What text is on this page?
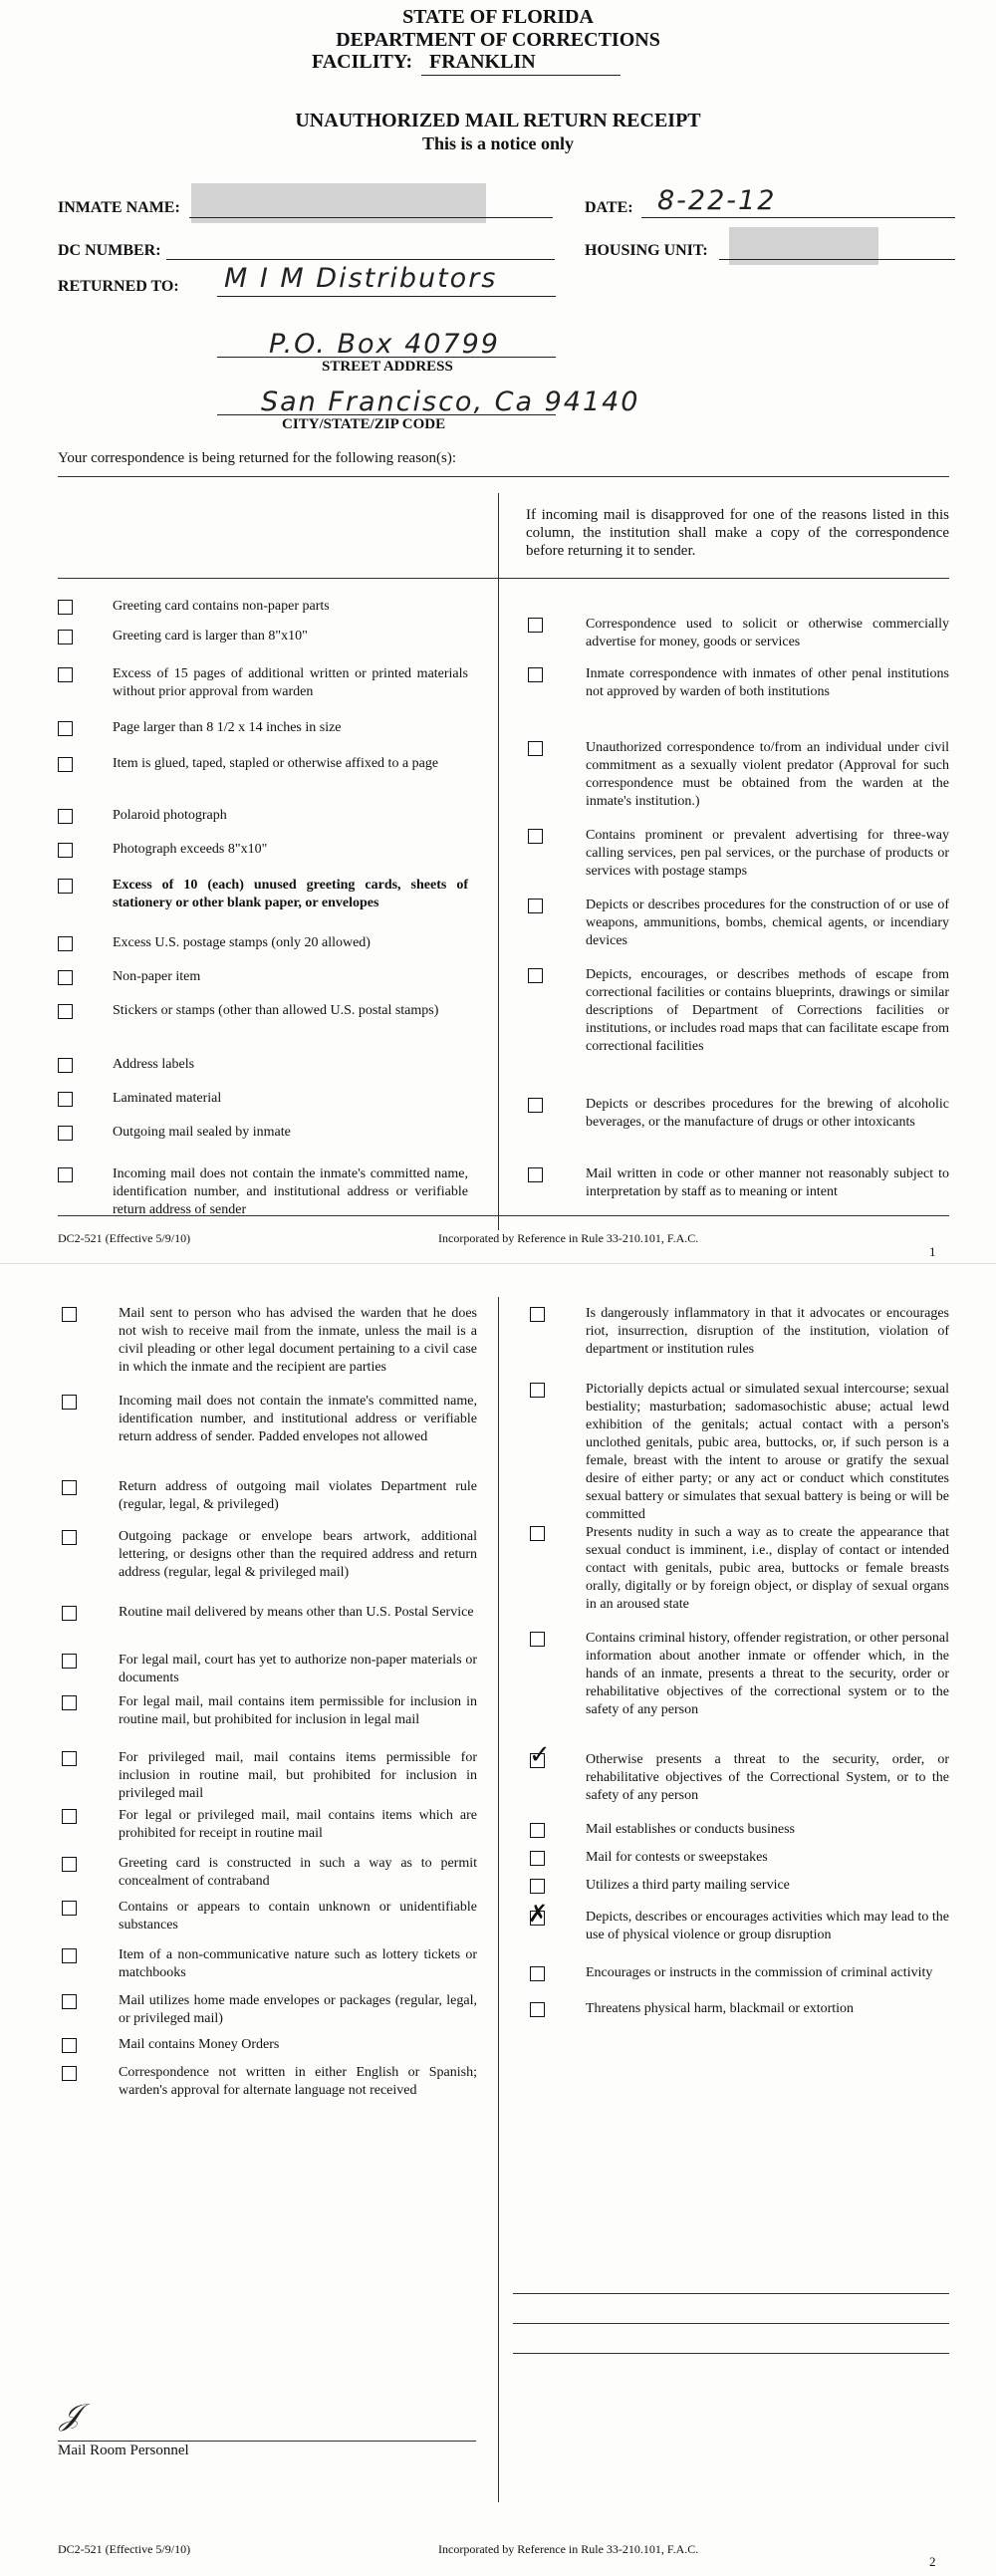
STATE OF FLORIDA
DEPARTMENT OF CORRECTIONS
FACILITY: FRANKLIN
UNAUTHORIZED MAIL RETURN RECEIPT
This is a notice only
INMATE NAME:	DATE: 8-22-12
DC NUMBER:	HOUSING UNIT:
RETURNED TO: M I M Distributors
P.O. Box 40799
STREET ADDRESS
San Francisco, Ca 94140
CITY/STATE/ZIP CODE
Your correspondence is being returned for the following reason(s):
If incoming mail is disapproved for one of the reasons listed in this column, the institution shall make a copy of the correspondence before returning it to sender.
Greeting card contains non-paper parts
Greeting card is larger than 8"x10"
Excess of 15 pages of additional written or printed materials without prior approval from warden
Page larger than 8 1/2 x 14 inches in size
Item is glued, taped, stapled or otherwise affixed to a page
Polaroid photograph
Photograph exceeds 8"x10"
Excess of 10 (each) unused greeting cards, sheets of stationery or other blank paper, or envelopes
Excess U.S. postage stamps (only 20 allowed)
Non-paper item
Stickers or stamps (other than allowed U.S. postal stamps)
Address labels
Laminated material
Outgoing mail sealed by inmate
Incoming mail does not contain the inmate's committed name, identification number, and institutional address or verifiable return address of sender
Correspondence used to solicit or otherwise commercially advertise for money, goods or services
Inmate correspondence with inmates of other penal institutions not approved by warden of both institutions
Unauthorized correspondence to/from an individual under civil commitment as a sexually violent predator (Approval for such correspondence must be obtained from the warden at the inmate's institution.)
Contains prominent or prevalent advertising for three-way calling services, pen pal services, or the purchase of products or services with postage stamps
Depicts or describes procedures for the construction of or use of weapons, ammunitions, bombs, chemical agents, or incendiary devices
Depicts, encourages, or describes methods of escape from correctional facilities or contains blueprints, drawings or similar descriptions of Department of Corrections facilities or institutions, or includes road maps that can facilitate escape from correctional facilities
Depicts or describes procedures for the brewing of alcoholic beverages, or the manufacture of drugs or other intoxicants
Mail written in code or other manner not reasonably subject to interpretation by staff as to meaning or intent
DC2-521 (Effective 5/9/10)	Incorporated by Reference in Rule 33-210.101, F.A.C.
1
Mail sent to person who has advised the warden that he does not wish to receive mail from the inmate, unless the mail is a civil pleading or other legal document pertaining to a civil case in which the inmate and the recipient are parties
Incoming mail does not contain the inmate's committed name, identification number, and institutional address or verifiable return address of sender. Padded envelopes not allowed
Return address of outgoing mail violates Department rule (regular, legal, & privileged)
Outgoing package or envelope bears artwork, additional lettering, or designs other than the required address and return address (regular, legal & privileged mail)
Routine mail delivered by means other than U.S. Postal Service
For legal mail, court has yet to authorize non-paper materials or documents
For legal mail, mail contains item permissible for inclusion in routine mail, but prohibited for inclusion in legal mail
For privileged mail, mail contains items permissible for inclusion in routine mail, but prohibited for inclusion in privileged mail
For legal or privileged mail, mail contains items which are prohibited for receipt in routine mail
Greeting card is constructed in such a way as to permit concealment of contraband
Contains or appears to contain unknown or unidentifiable substances
Item of a non-communicative nature such as lottery tickets or matchbooks
Mail utilizes home made envelopes or packages (regular, legal, or privileged mail)
Mail contains Money Orders
Correspondence not written in either English or Spanish; warden's approval for alternate language not received
Is dangerously inflammatory in that it advocates or encourages riot, insurrection, disruption of the institution, violation of department or institution rules
Pictorially depicts actual or simulated sexual intercourse; sexual bestiality; masturbation; sadomasochistic abuse; actual lewd exhibition of the genitals; actual contact with a person's unclothed genitals, pubic area, buttocks, or, if such person is a female, breast with the intent to arouse or gratify the sexual desire of either party; or any act or conduct which constitutes sexual battery or simulates that sexual battery is being or will be committed
Presents nudity in such a way as to create the appearance that sexual conduct is imminent, i.e., display of contact or intended contact with genitals, pubic area, buttocks or female breasts orally, digitally or by foreign object, or display of sexual organs in an aroused state
Contains criminal history, offender registration, or other personal information about another inmate or offender which, in the hands of an inmate, presents a threat to the security, order or rehabilitative objectives of the correctional system or to the safety of any person
✓
Otherwise presents a threat to the security, order, or rehabilitative objectives of the Correctional System, or to the safety of any person
Mail establishes or conducts business
Mail for contests or sweepstakes
Utilizes a third party mailing service
✗
Depicts, describes or encourages activities which may lead to the use of physical violence or group disruption
Encourages or instructs in the commission of criminal activity
Threatens physical harm, blackmail or extortion
𝒥
Mail Room Personnel
DC2-521 (Effective 5/9/10)	Incorporated by Reference in Rule 33-210.101, F.A.C.
2
